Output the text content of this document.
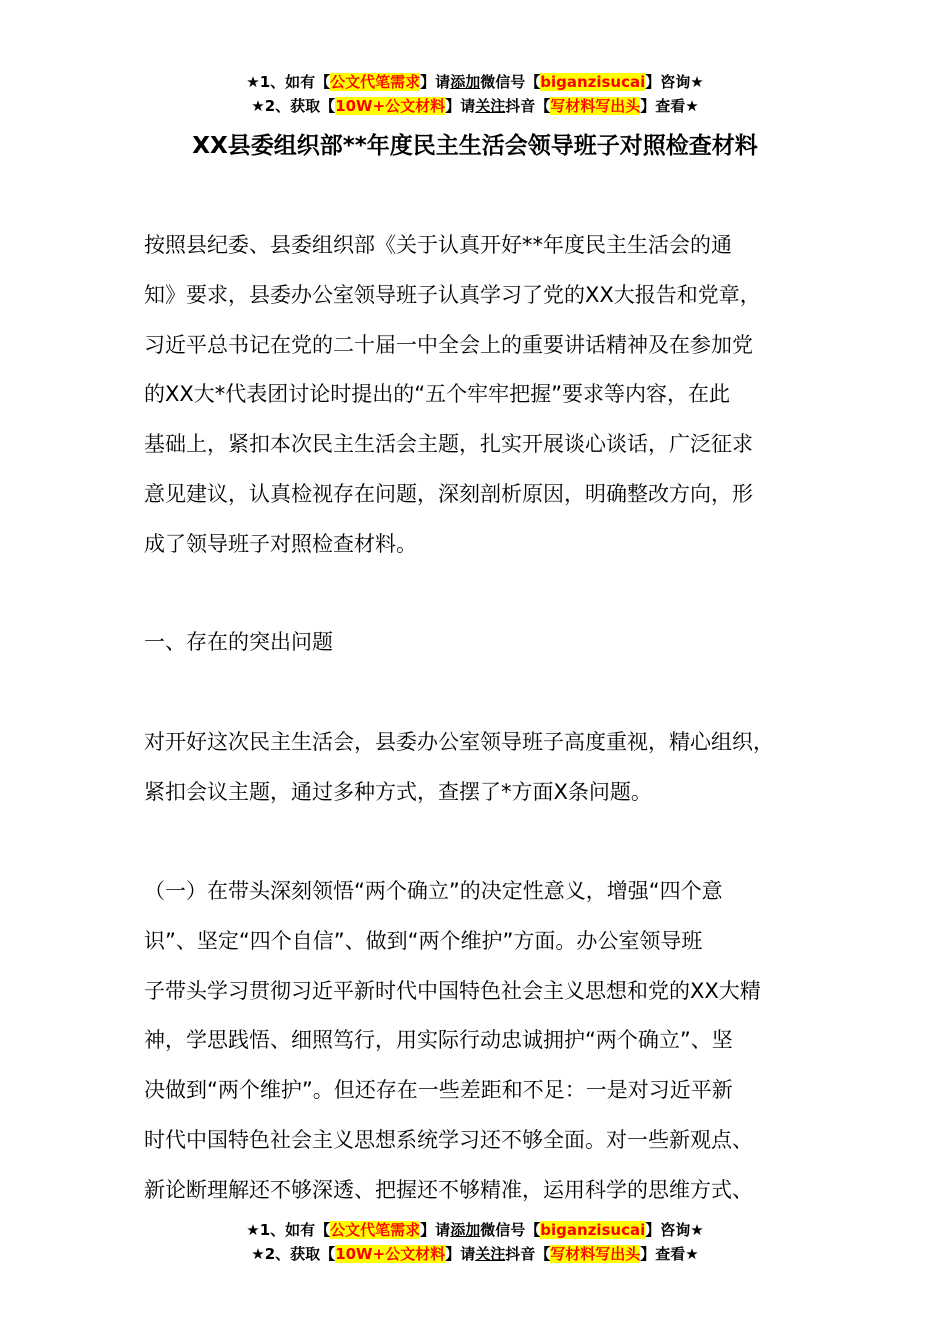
★1、如有【公文代笔需求】请添加微信号【biganzisucai】咨询★
★2、获取【10W+公文材料】请关注抖音【写材料写出头】查看★
XX县委组织部**年度民主生活会领导班子对照检查材料
按照县纪委、县委组织部《关于认真开好**年度民主生活会的通
知》要求，县委办公室领导班子认真学习了党的XX大报告和党章，
习近平总书记在党的二十届一中全会上的重要讲话精神及在参加党
的XX大*代表团讨论时提出的“五个牢牢把握”要求等内容，在此
基础上，紧扣本次民主生活会主题，扎实开展谈心谈话，广泛征求
意见建议，认真检视存在问题，深刻剖析原因，明确整改方向，形
成了领导班子对照检查材料。
一、存在的突出问题
对开好这次民主生活会，县委办公室领导班子高度重视，精心组织，
紧扣会议主题，通过多种方式，查摆了*方面X条问题。
（一）在带头深刻领悟“两个确立”的决定性意义，增强“四个意
识”、坚定“四个自信”、做到“两个维护”方面。办公室领导班
子带头学习贯彻习近平新时代中国特色社会主义思想和党的XX大精
神，学思践悟、细照笃行，用实际行动忠诚拥护“两个确立”、坚
决做到“两个维护”。但还存在一些差距和不足：一是对习近平新
时代中国特色社会主义思想系统学习还不够全面。对一些新观点、
新论断理解还不够深透、把握还不够精准，运用科学的思维方式、
★1、如有【公文代笔需求】请添加微信号【biganzisucai】咨询★
★2、获取【10W+公文材料】请关注抖音【写材料写出头】查看★
